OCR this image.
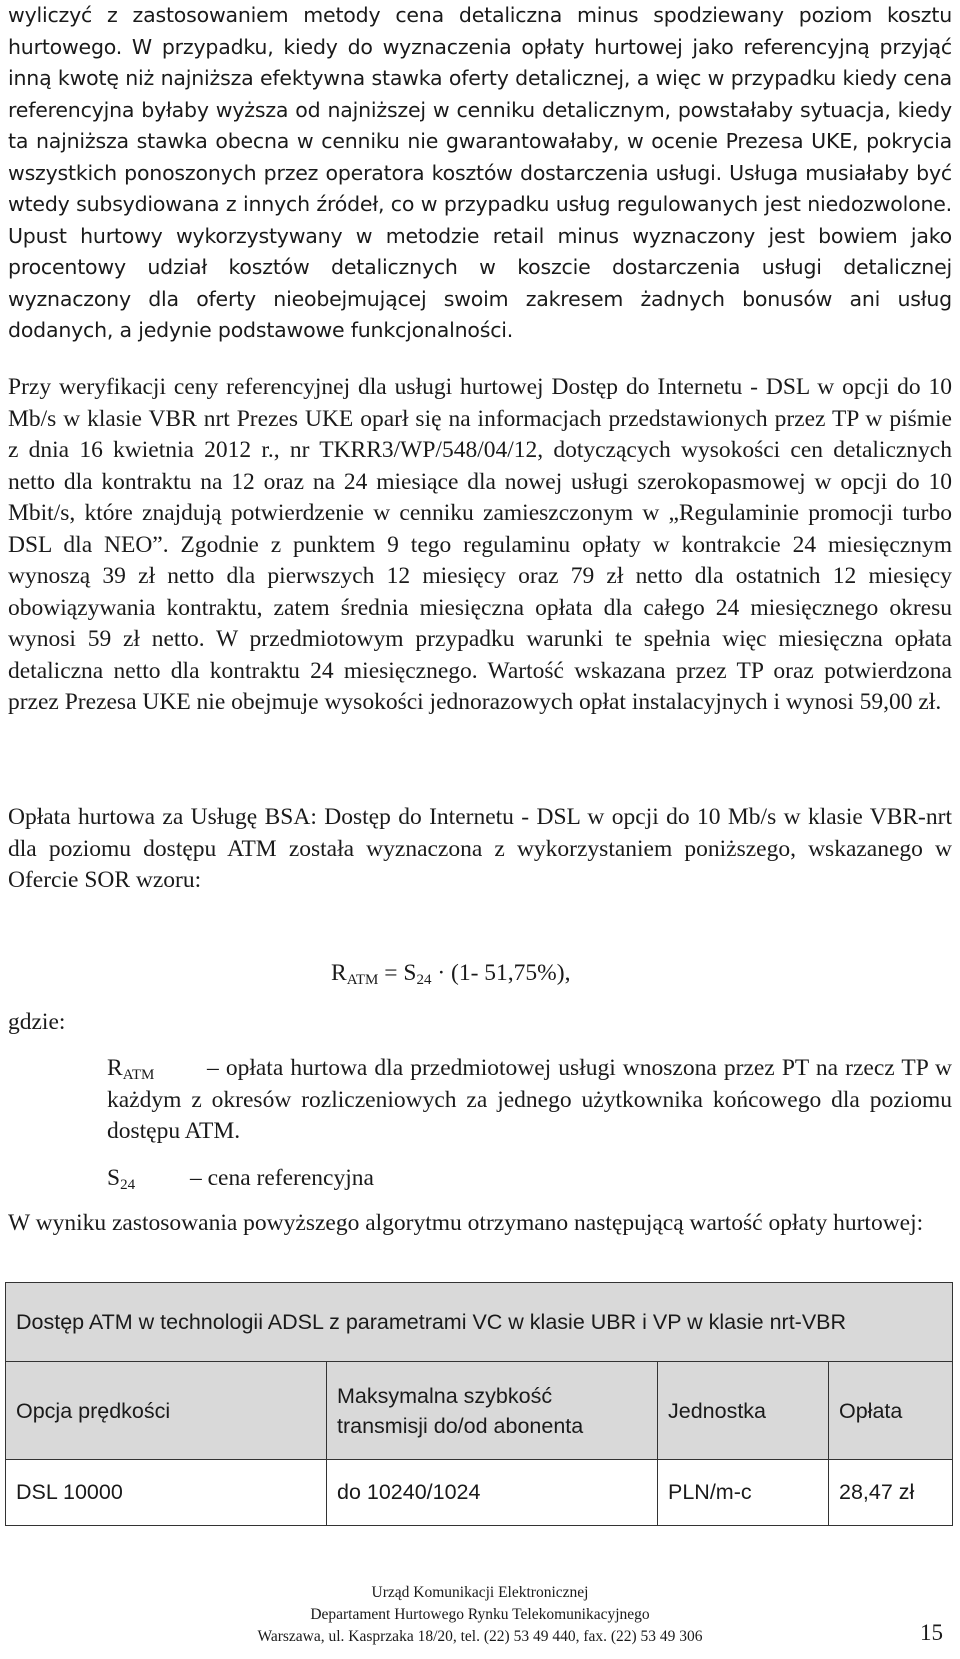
wyliczyć z zastosowaniem metody cena detaliczna minus spodziewany poziom kosztu hurtowego. W przypadku, kiedy do wyznaczenia opłaty hurtowej jako referencyjną przyjąć inną kwotę niż najniższa efektywna stawka oferty detalicznej, a więc w przypadku kiedy cena referencyjna byłaby wyższa od najniższej w cenniku detalicznym, powstałaby sytuacja, kiedy ta najniższa stawka obecna w cenniku nie gwarantowałaby, w ocenie Prezesa UKE, pokrycia wszystkich ponoszonych przez operatora kosztów dostarczenia usługi. Usługa musiałaby być wtedy subsydiowana z innych źródeł, co w przypadku usług regulowanych jest niedozwolone. Upust hurtowy wykorzystywany w metodzie retail minus wyznaczony jest bowiem jako procentowy udział kosztów detalicznych w koszcie dostarczenia usługi detalicznej wyznaczony dla oferty nieobejmującej swoim zakresem żadnych bonusów ani usług dodanych, a jedynie podstawowe funkcjonalności.

Przy weryfikacji ceny referencyjnej dla usługi hurtowej Dostęp do Internetu - DSL w opcji do 10 Mb/s w klasie VBR nrt Prezes UKE oparł się na informacjach przedstawionych przez TP w piśmie z dnia 16 kwietnia 2012 r., nr TKRR3/WP/548/04/12, dotyczących wysokości cen detalicznych netto dla kontraktu na 12 oraz na 24 miesiące dla nowej usługi szerokopasmowej w opcji do 10 Mbit/s, które znajdują potwierdzenie w cenniku zamieszczonym w „Regulaminie promocji turbo DSL dla NEO”. Zgodnie z punktem 9 tego regulaminu opłaty w kontrakcie 24 miesięcznym wynoszą 39 zł netto dla pierwszych 12 miesięcy oraz 79 zł netto dla ostatnich 12 miesięcy obowiązywania kontraktu, zatem średnia miesięczna opłata dla całego 24 miesięcznego okresu wynosi 59 zł netto. W przedmiotowym przypadku warunki te spełnia więc miesięczna opłata detaliczna netto dla kontraktu 24 miesięcznego. Wartość wskazana przez TP oraz potwierdzona przez Prezesa UKE nie obejmuje wysokości jednorazowych opłat instalacyjnych i wynosi 59,00 zł.

Opłata hurtowa za Usługę BSA: Dostęp do Internetu - DSL w opcji do 10 Mb/s w klasie VBR-nrt dla poziomu dostępu ATM została wyznaczona z wykorzystaniem poniższego, wskazanego w Ofercie SOR wzoru:

$R_{ATM} = S_{24} \cdot (1-$ 51,75%),

gdzie:

$R_{ATM}$	– opłata hurtowa dla przedmiotowej usługi wnoszona przez PT na rzecz TP w każdym z okresów rozliczeniowych za jednego użytkownika końcowego dla poziomu dostępu ATM.

$S_{24}$ – cena referencyjna

W wyniku zastosowania powyższego algorytmu otrzymano następującą wartość opłaty hurtowej:

Dostęp ATM w technologii ADSL z parametrami VC w klasie UBR i VP w klasie nrt-VBR			
Opcja prędkości	Maksymalna szybkość transmisji do/od abonenta	Jednostka	Opłata
DSL 10000	do 10240/1024	PLN/m-c	28,47 zł
Urząd Komunikacji Elektronicznej
Departament Hurtowego Rynku Telekomunikacyjnego
Warszawa, ul. Kasprzaka 18/20, tel. (22) 53 49 440, fax. (22) 53 49 306	15
